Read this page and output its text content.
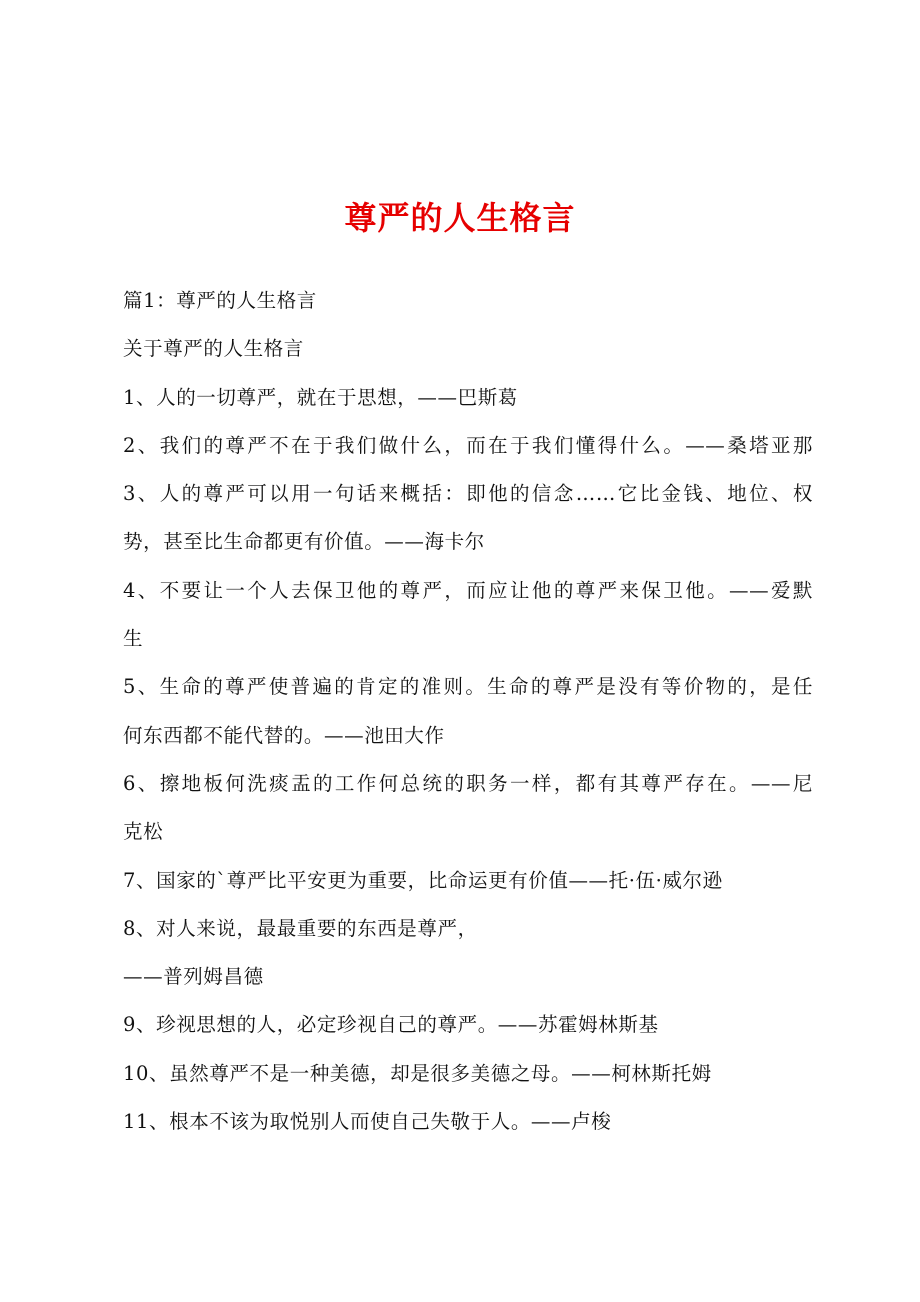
尊严的人生格言
篇1：尊严的人生格言
关于尊严的人生格言
1、人的一切尊严，就在于思想，——巴斯葛
2、我们的尊严不在于我们做什么，而在于我们懂得什么。——桑塔亚那
3、人的尊严可以用一句话来概括：即他的信念……它比金钱、地位、权
势，甚至比生命都更有价值。——海卡尔
4、不要让一个人去保卫他的尊严，而应让他的尊严来保卫他。——爱默
生
5、生命的尊严使普遍的肯定的准则。生命的尊严是没有等价物的，是任
何东西都不能代替的。——池田大作
6、擦地板何洗痰盂的工作何总统的职务一样，都有其尊严存在。——尼
克松
7、国家的`尊严比平安更为重要，比命运更有价值——托·伍·威尔逊
8、对人来说，最最重要的东西是尊严，
——普列姆昌德
9、珍视思想的人，必定珍视自己的尊严。——苏霍姆林斯基
10、虽然尊严不是一种美德，却是很多美德之母。——柯林斯托姆
11、根本不该为取悦别人而使自己失敬于人。——卢梭
